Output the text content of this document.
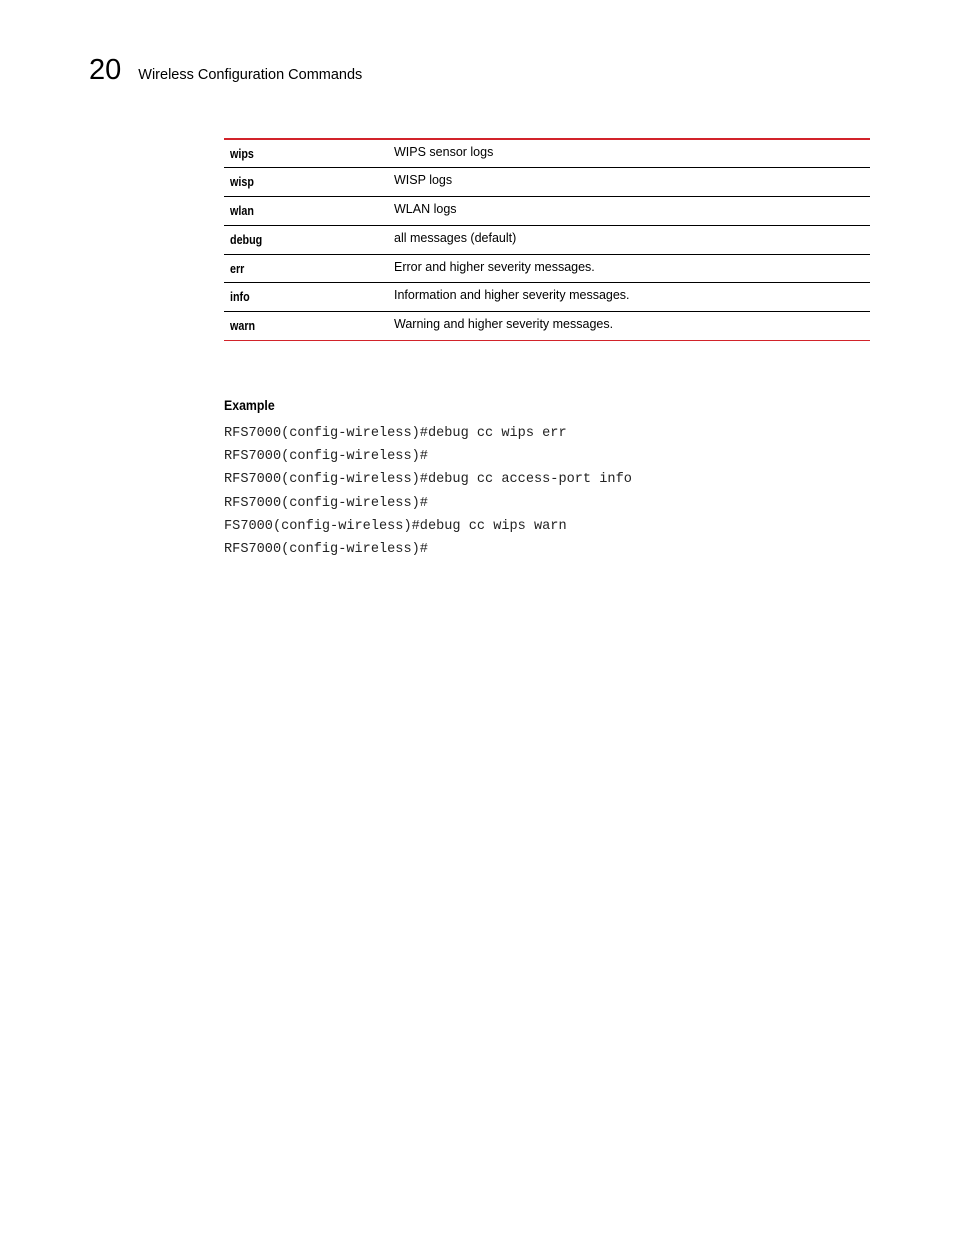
20 Wireless Configuration Commands
wips	WIPS sensor logs
wisp	WISP logs
wlan	WLAN logs
debug	all messages (default)
err	Error and higher severity messages.
info	Information and higher severity messages.
warn	Warning and higher severity messages.
Example
RFS7000(config-wireless)#debug cc wips err
RFS7000(config-wireless)#
RFS7000(config-wireless)#debug cc access-port info
RFS7000(config-wireless)#
FS7000(config-wireless)#debug cc wips warn
RFS7000(config-wireless)#
